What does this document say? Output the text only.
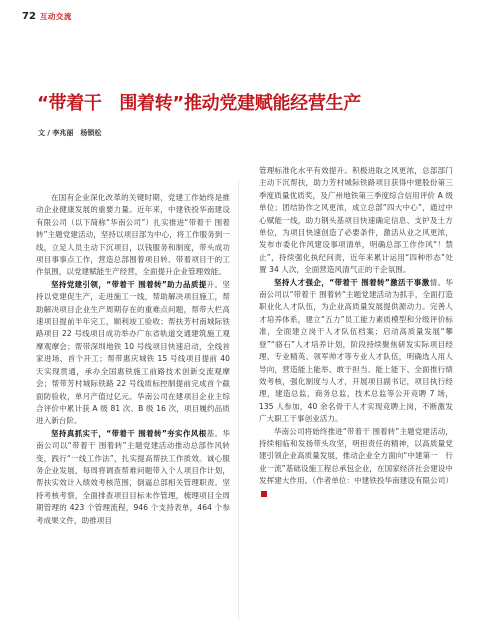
72 互动交流
“带着干　围着转”推动党建赋能经营生产
文 / 李兆丽　杨锁松

在国有企业深化改革的关键时期，党建工作始终是推动企业健康发展的重要力量。近年来，中建铁投华南建设有限公司（以下简称“华南公司”）扎实推进“带着干 围着转”主题党建活动，坚持以项目部为中心，将工作服务到一线，立足人员主动下沉项目，以钱服务和制度，带头成功项目事事点工作，营造总部围着项目转、带着项目干的工作氛围，以党建赋能生产经营，全面提升企业管理效能。

坚持党建引领，“带着干 围着转”助力品质提升。坚持以党建促生产，走进施工一线，帮助解决项目施工，帮助解决项目企业生产周期存在的重难点问题，帮带大栏高速项目提前半年完工，顺利竣工验收；帮扶芳村南城际铁路项目 22 号线项目成功举办广东省轨道交通建筑施工观摩观摩会；帮带深圳地铁 10 号线项目快速启动，全线首家进场、首个开工；帮带惠庆城铁 15 号线项目提前 40 天实现贯通，承办全国惠铁施工前路技术创新交流观摩会；帮带芳村城际铁路 22 号线质标控制提前完成首个截面防验收，单月产值过亿元。华南公司在建项目企业主综合评价中累计获 A 级 81 次、B 级 16 次，项目履约品质进入新台阶。

坚持真抓实干，“带着干 围着转”夯实作风根基。华南公司以“带着干 围着转”主题党建活动推动总部作风转变，践行“一线工作法”，扎实提高帮扶工作质效。诚心服务企业发展，每周将调查帮难问题带入个人项目作计划，帮扶实效计入绩效考核范围，倒逼总部相关管理职责。坚持考核考察，全面排查项目目标未作管理，梳理项目全周期管理的 423 个管理流程，946 个支持表单，464 个参考成果文件，助推项目

管理标准化水平有效提升。积极进取之风更浓，总部部门主动下沉帮扶，助力芳村城际铁路项目获得中建股份第三季度质量优质奖，及广州地铁第三季度综合信用评价 A 级单位；团结协作之风更浓，成立总部“四大中心”，通过中心赋能一线，助力钢头基项目快速确定信息、支护及土方单位，为项目快速创造了必要条件，激活从业之风更浓，发布市委化作风建设事项清单，明确总部工作作风“！禁止”，持续强化执纪问责，近年来累计运用“四种形态”处置 34 人次，全面营造风清气正的干企氛围。

坚持人才强企，“带着干 围着转”激活干事激情。华南公司以“带着干 围着转”主题党建活动为抓手，全面打造职业化人才队伍，为企业高质量发展提供源动力。完善人才培养体系，建立“五力”员工能力素质模型和分级评价标准，全面建立岗干人才队伍档案；启动高质量发展“攀登”“骆石”人才培养计划，阶段持续聚焦研发实际项目经理、专业精英、领军帅才等专业人才队伍，明确选人用人导向，营造能上能举、敢于担当、能上能下、全面推行绩效考核，强化制度与人才，开展项目副书记，项目执行经理，建造总监，商务总监，技术总监等公开竞聘 7 场，135 人参加，40 余名骨干人才实现竞聘上岗，不断激发广大职工干事创业活力。

华南公司将始终推进“带着干 围着转”主题党建活动，持续相临和发扬带头攻坚，明担责任的精神，以高质量党建引领企业高质量发展，推动企业全方面向“中建第一　行业一流”基础设施工程总承包企业，在国家经济社会建设中发挥建大作用。（作者单位：中建铁投华南建设有限公司）
